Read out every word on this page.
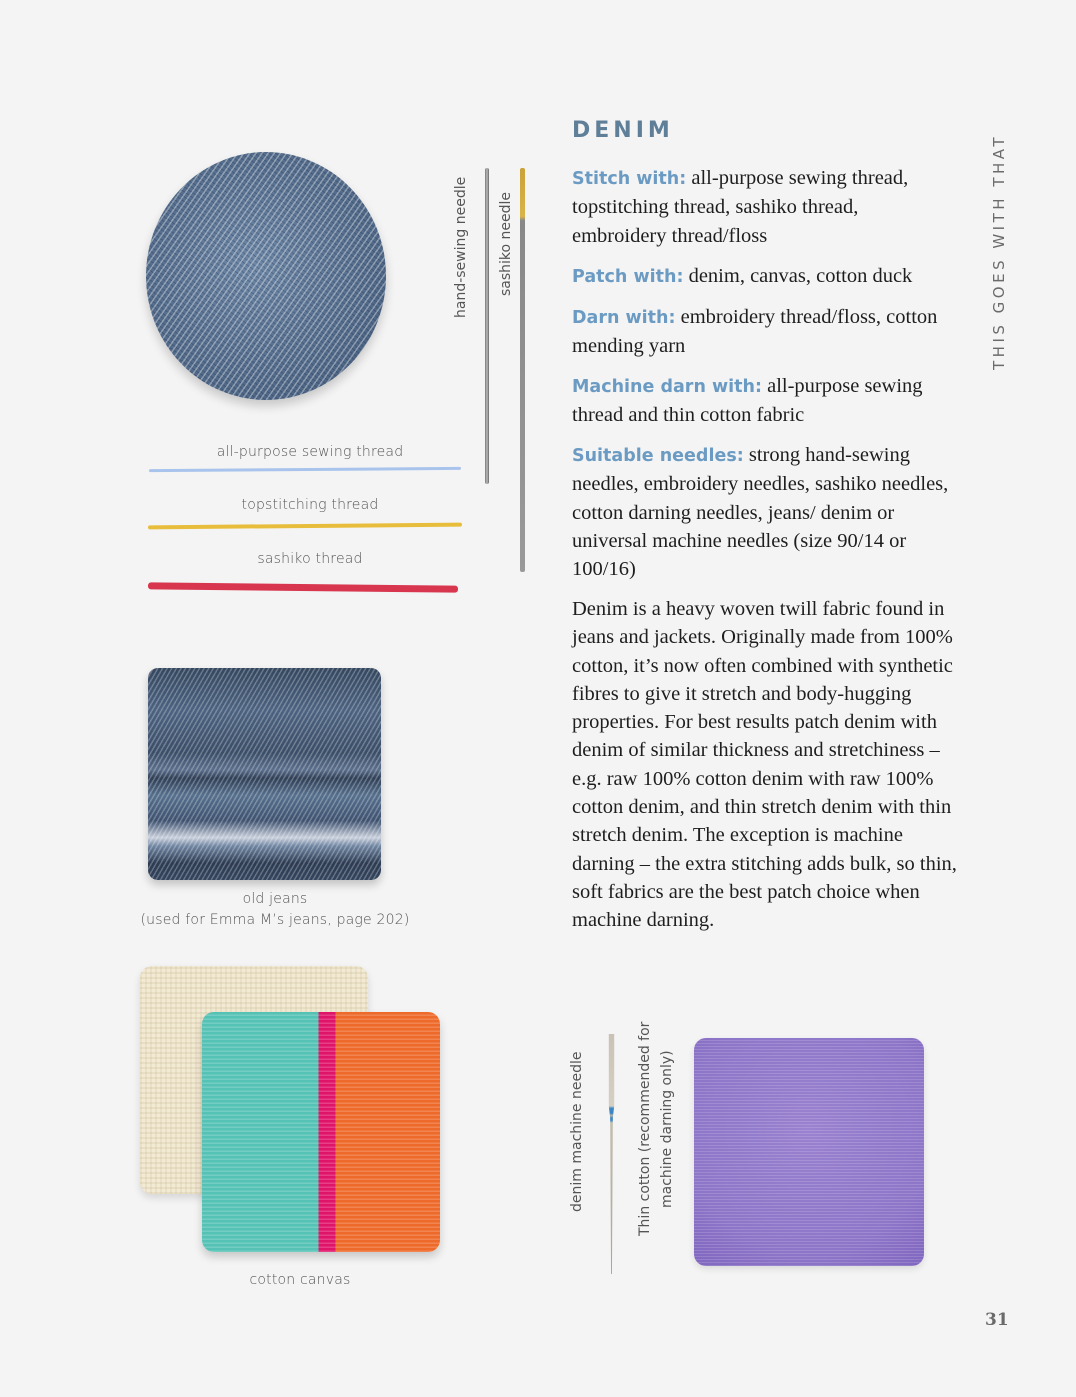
hand-sewing needle sashiko needle
all-purpose sewing thread
topstitching thread
sashiko thread
old jeans
(used for Emma M’s jeans, page 202)
cotton canvas
denim machine needle	Thin cotton (recommended for machine darning only)
DENIM
Stitch with: all-purpose sewing thread, topstitching thread, sashiko thread, embroidery thread/floss
Patch with: denim, canvas, cotton duck
Darn with: embroidery thread/floss, cotton mending yarn
Machine darn with: all-purpose sewing thread and thin cotton fabric
Suitable needles: strong hand-sewing needles, embroidery needles, sashiko needles, cotton darning needles, jeans/ denim or universal machine needles (size 90/14 or 100/16)
Denim is a heavy woven twill fabric found in jeans and jackets. Originally made from 100% cotton, it’s now often combined with synthetic fibres to give it stretch and body-hugging properties. For best results patch denim with denim of similar thickness and stretchiness – e.g. raw 100% cotton denim with raw 100% cotton denim, and thin stretch denim with thin stretch denim. The exception is machine darning – the extra stitching adds bulk, so thin, soft fabrics are the best patch choice when machine darning.
THIS GOES WITH THAT
31
